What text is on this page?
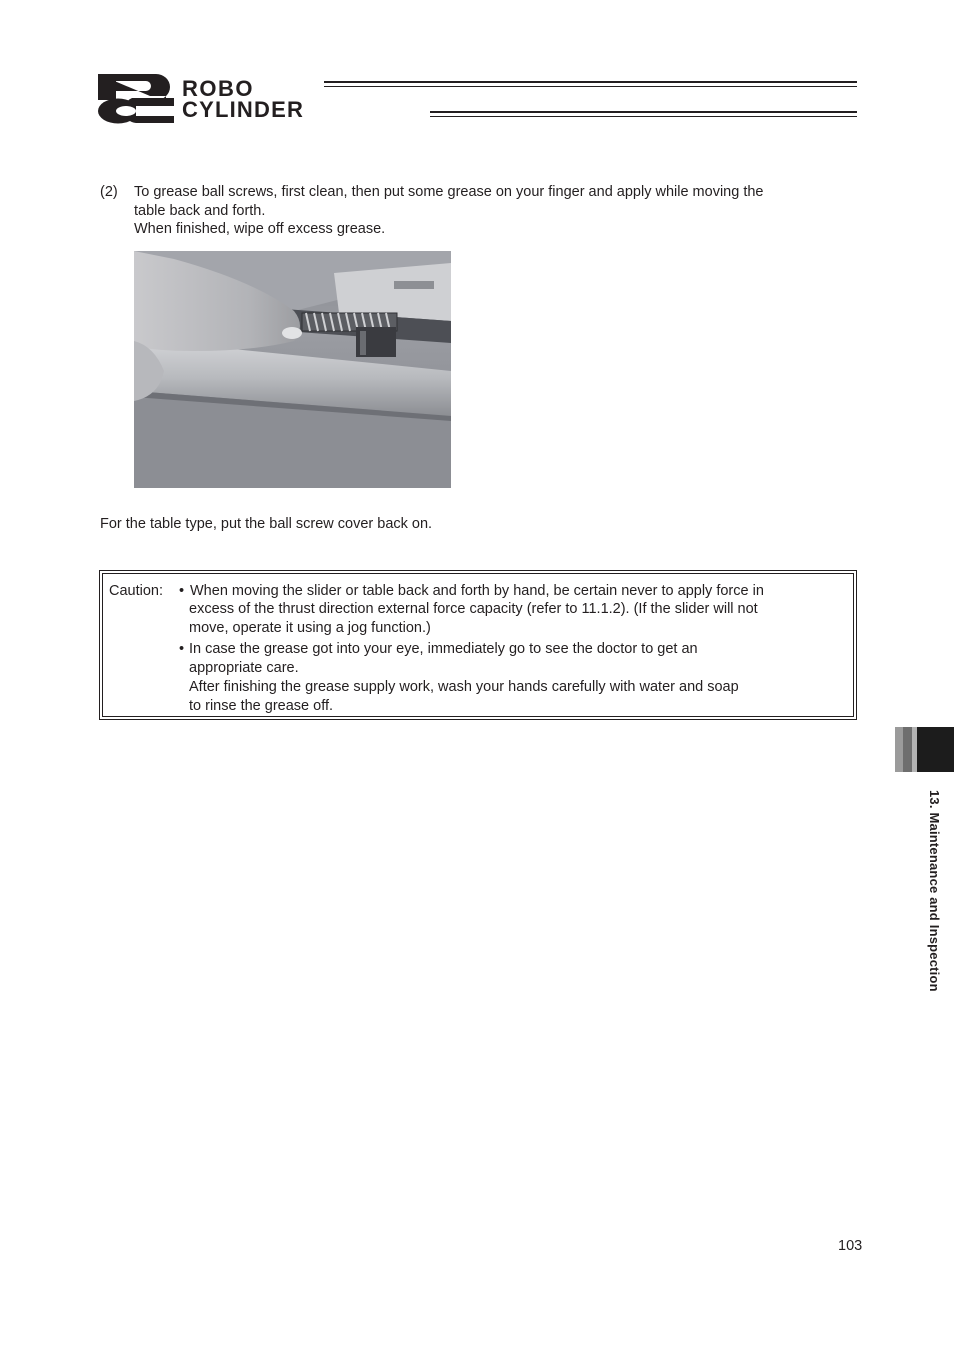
ROBO
CYLINDER
(2) To grease ball screws, first clean, then put some grease on your finger and apply while moving the
table back and forth.
When finished, wipe off excess grease.
For the table type, put the ball screw cover back on.
Caution: • When moving the slider or table back and forth by hand, be certain never to apply force in
excess of the thrust direction external force capacity (refer to 11.1.2). (If the slider will not
move, operate it using a jog function.)
• In case the grease got into your eye, immediately go to see the doctor to get an
appropriate care.
After finishing the grease supply work, wash your hands carefully with water and soap
to rinse the grease off.
13. Maintenance and Inspection
103
